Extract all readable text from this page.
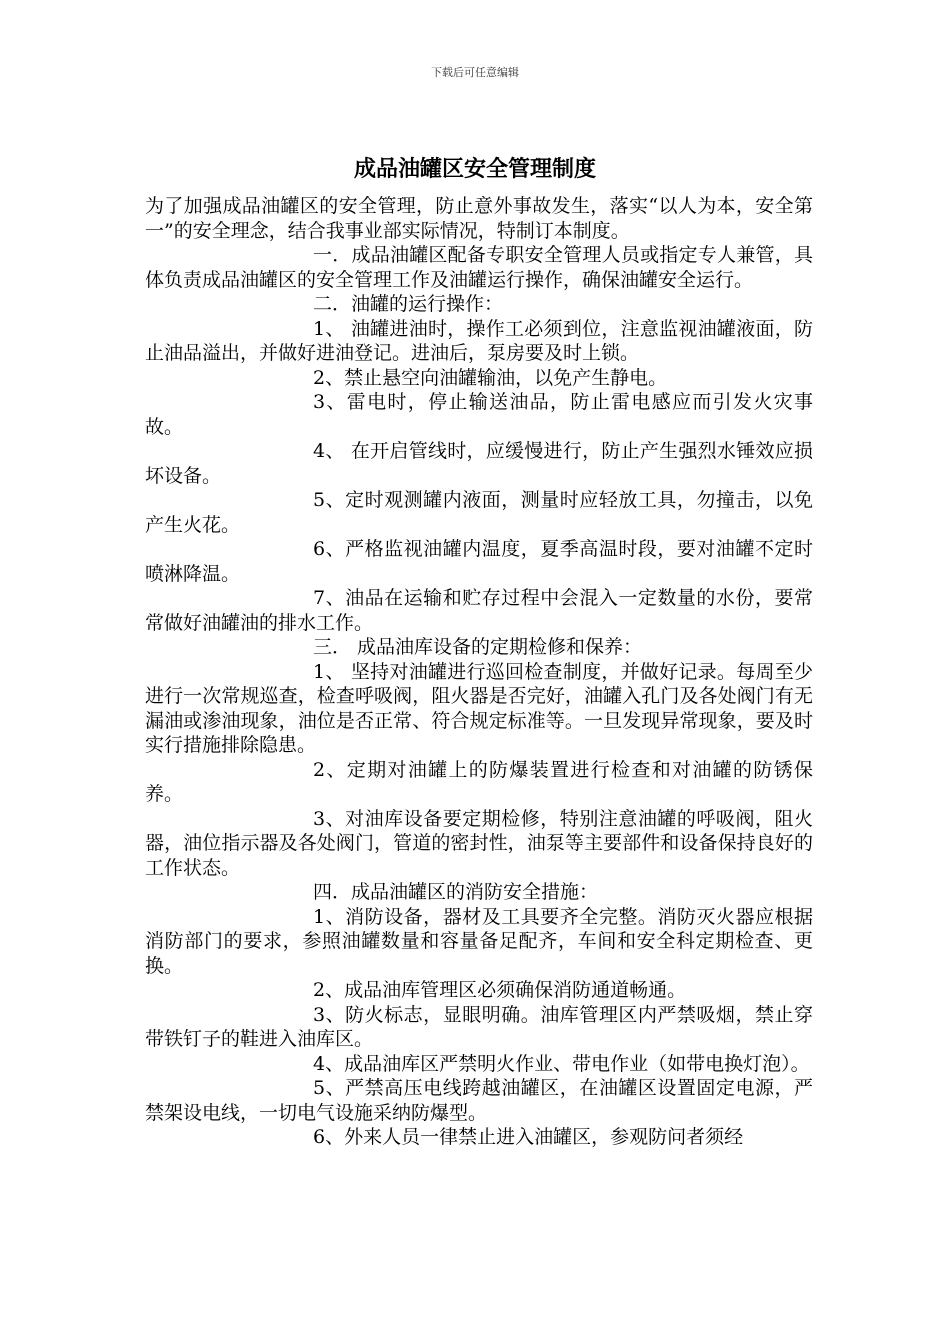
下载后可任意编辑
成品油罐区安全管理制度

为了加强成品油罐区的安全管理，防止意外事故发生，落实“以人为本，安全第一”的安全理念，结合我事业部实际情况，特制订本制度。

一．成品油罐区配备专职安全管理人员或指定专人兼管，具体负责成品油罐区的安全管理工作及油罐运行操作，确保油罐安全运行。

二．油罐的运行操作：

1、 油罐进油时，操作工必须到位，注意监视油罐液面，防止油品溢出，并做好进油登记。进油后，泵房要及时上锁。

2、禁止悬空向油罐输油，以免产生静电。

3、雷电时，停止输送油品，防止雷电感应而引发火灾事故。

4、 在开启管线时，应缓慢进行，防止产生强烈水锤效应损坏设备。

5、定时观测罐内液面，测量时应轻放工具，勿撞击，以免产生火花。

6、严格监视油罐内温度，夏季高温时段，要对油罐不定时喷淋降温。

7、油品在运输和贮存过程中会混入一定数量的水份，要常常做好油罐油的排水工作。

三． 成品油库设备的定期检修和保养：

1、 坚持对油罐进行巡回检查制度，并做好记录。每周至少进行一次常规巡查，检查呼吸阀，阻火器是否完好，油罐入孔门及各处阀门有无漏油或渗油现象，油位是否正常、符合规定标准等。一旦发现异常现象，要及时实行措施排除隐患。

2、定期对油罐上的防爆装置进行检查和对油罐的防锈保养。

3、对油库设备要定期检修，特别注意油罐的呼吸阀，阻火器，油位指示器及各处阀门，管道的密封性，油泵等主要部件和设备保持良好的工作状态。

四．成品油罐区的消防安全措施：

1、消防设备，器材及工具要齐全完整。消防灭火器应根据消防部门的要求，参照油罐数量和容量备足配齐，车间和安全科定期检查、更换。

2、成品油库管理区必须确保消防通道畅通。

3、防火标志，显眼明确。油库管理区内严禁吸烟，禁止穿带铁钉子的鞋进入油库区。

4、成品油库区严禁明火作业、带电作业（如带电换灯泡）。

5、严禁高压电线跨越油罐区，在油罐区设置固定电源，严禁架设电线，一切电气设施采纳防爆型。

6、外来人员一律禁止进入油罐区，参观防问者须经
